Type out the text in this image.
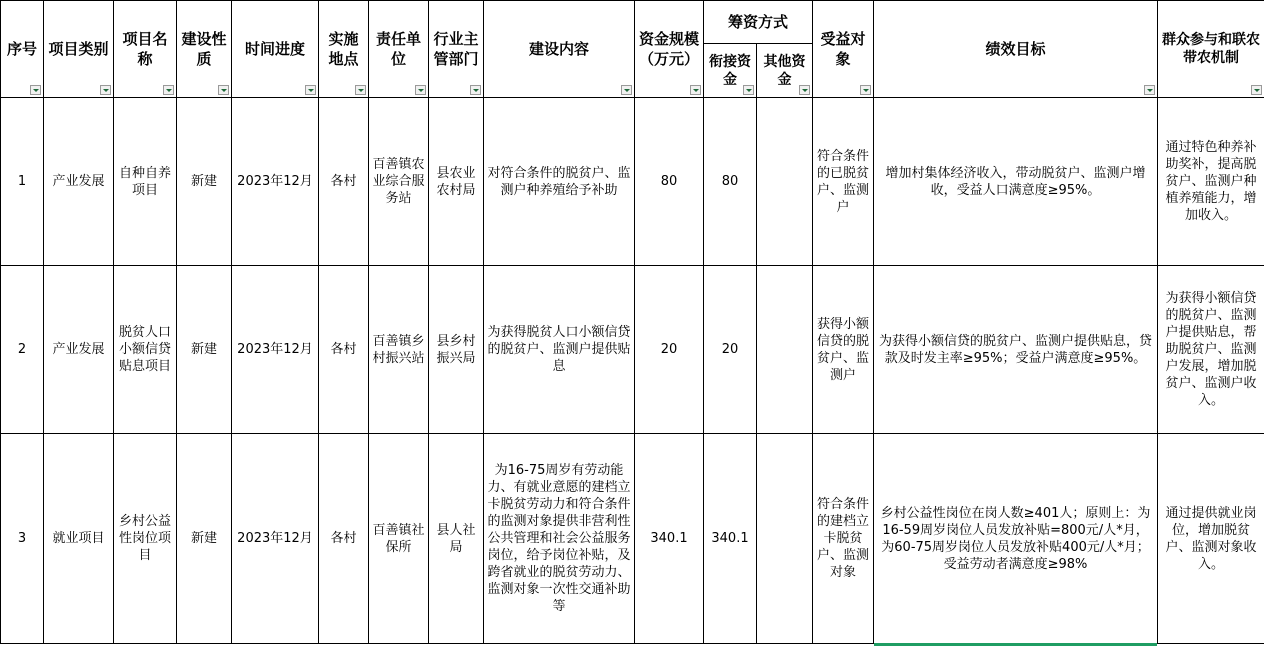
序号	项目类别	项目名称	建设性质	时间进度	实施地点	责任单位	行业主管部门	建设内容	资金规模（万元）	筹资方式		受益对象	绩效目标	群众参与和联农带农机制

										衔接资金	其他资金			

1	产业发展	自种自养项目	新建	2023年12月	各村	百善镇农业综合服务站	县农业农村局	对符合条件的脱贫户、监测户种养殖给予补助	80	80		符合条件的已脱贫户、监测户	增加村集体经济收入，带动脱贫户、监测户增收，受益人口满意度≥95%。	通过特色种养补助奖补，提高脱贫户、监测户种植养殖能力，增加收入。
2	产业发展	脱贫人口小额信贷贴息项目	新建	2023年12月	各村	百善镇乡村振兴站	县乡村振兴局	为获得脱贫人口小额信贷的脱贫户、监测户提供贴息	20	20		获得小额信贷的脱贫户、监测户	为获得小额信贷的脱贫户、监测户提供贴息，贷款及时发主率≥95%；受益户满意度≥95%。	为获得小额信贷的脱贫户、监测户提供贴息，帮助脱贫户、监测户发展，增加脱贫户、监测户收入。
3	就业项目	乡村公益性岗位项目	新建	2023年12月	各村	百善镇社保所	县人社局	为16-75周岁有劳动能力、有就业意愿的建档立卡脱贫劳动力和符合条件的监测对象提供非营利性公共管理和社会公益服务岗位，给予岗位补贴，及跨省就业的脱贫劳动力、监测对象一次性交通补助等	340.1	340.1		符合条件的建档立卡脱贫户、监测对象	乡村公益性岗位在岗人数≥401人；原则上：为16-59周岁岗位人员发放补贴=800元/人*月，为60-75周岁岗位人员发放补贴400元/人*月；受益劳动者满意度≥98%	通过提供就业岗位，增加脱贫户、监测对象收入。
